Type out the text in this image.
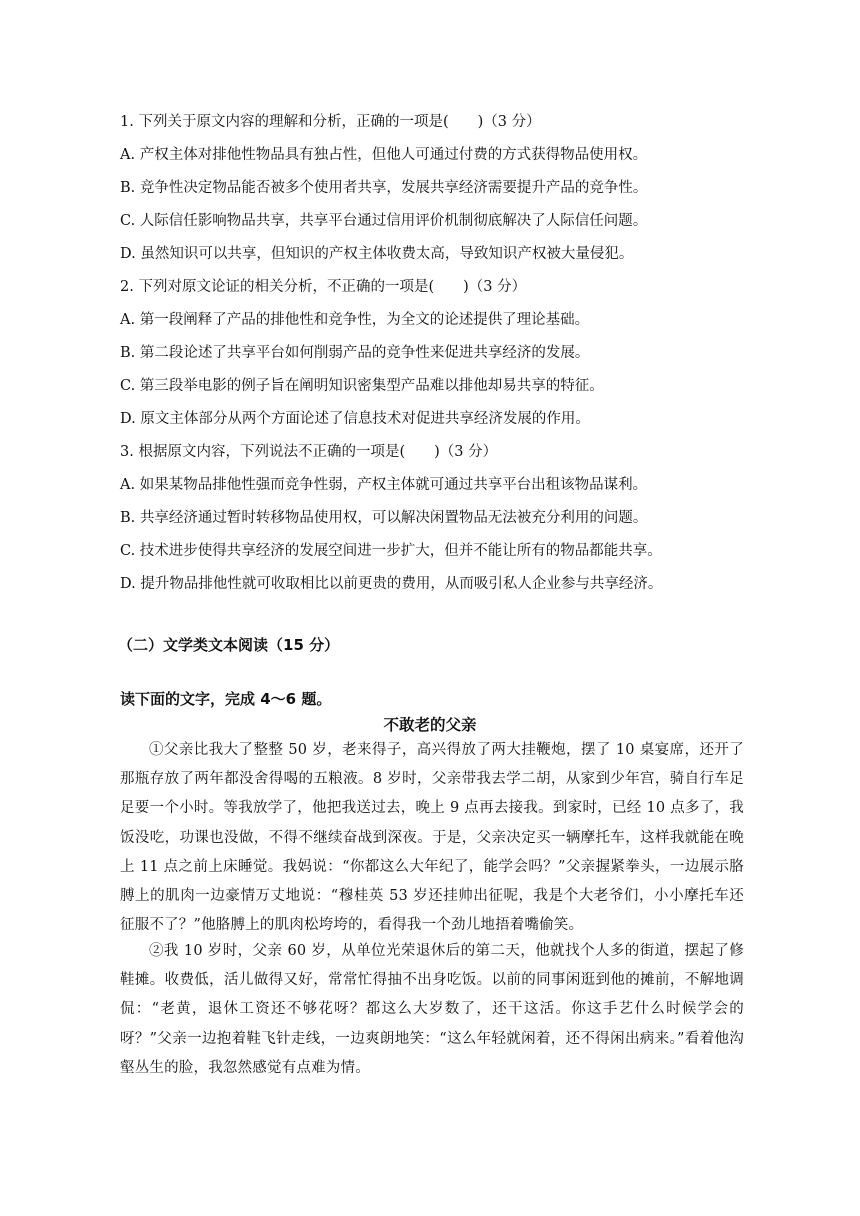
1. 下列关于原文内容的理解和分析，正确的一项是(　　)（3 分）
A. 产权主体对排他性物品具有独占性，但他人可通过付费的方式获得物品使用权。
B. 竞争性决定物品能否被多个使用者共享，发展共享经济需要提升产品的竞争性。
C. 人际信任影响物品共享，共享平台通过信用评价机制彻底解决了人际信任问题。
D. 虽然知识可以共享，但知识的产权主体收费太高，导致知识产权被大量侵犯。
2. 下列对原文论证的相关分析，不正确的一项是(　　)（3 分）
A. 第一段阐释了产品的排他性和竞争性，为全文的论述提供了理论基础。
B. 第二段论述了共享平台如何削弱产品的竞争性来促进共享经济的发展。
C. 第三段举电影的例子旨在阐明知识密集型产品难以排他却易共享的特征。
D. 原文主体部分从两个方面论述了信息技术对促进共享经济发展的作用。
3. 根据原文内容，下列说法不正确的一项是(　　)（3 分）
A. 如果某物品排他性强而竞争性弱，产权主体就可通过共享平台出租该物品谋利。
B. 共享经济通过暂时转移物品使用权，可以解决闲置物品无法被充分利用的问题。
C. 技术进步使得共享经济的发展空间进一步扩大，但并不能让所有的物品都能共享。
D. 提升物品排他性就可收取相比以前更贵的费用，从而吸引私人企业参与共享经济。
（二）文学类文本阅读（15 分）
读下面的文字，完成 4～6 题。
不敢老的父亲
①父亲比我大了整整 50 岁，老来得子，高兴得放了两大挂鞭炮，摆了 10 桌宴席，还开了那瓶存放了两年都没舍得喝的五粮液。8 岁时，父亲带我去学二胡，从家到少年宫，骑自行车足足要一个小时。等我放学了，他把我送过去，晚上 9 点再去接我。到家时，已经 10 点多了，我饭没吃，功课也没做，不得不继续奋战到深夜。于是，父亲决定买一辆摩托车，这样我就能在晚上 11 点之前上床睡觉。我妈说：“你都这么大年纪了，能学会吗？”父亲握紧拳头，一边展示胳膊上的肌肉一边豪情万丈地说：“穆桂英 53 岁还挂帅出征呢，我是个大老爷们，小小摩托车还征服不了？”他胳膊上的肌肉松垮垮的，看得我一个劲儿地捂着嘴偷笑。
②我 10 岁时，父亲 60 岁，从单位光荣退休后的第二天，他就找个人多的街道，摆起了修鞋摊。收费低，活儿做得又好，常常忙得抽不出身吃饭。以前的同事闲逛到他的摊前，不解地调侃：“老黄，退休工资还不够花呀？都这么大岁数了，还干这活。你这手艺什么时候学会的呀？”父亲一边抱着鞋飞针走线，一边爽朗地笑：“这么年轻就闲着，还不得闲出病来。”看着他沟壑丛生的脸，我忽然感觉有点难为情。
